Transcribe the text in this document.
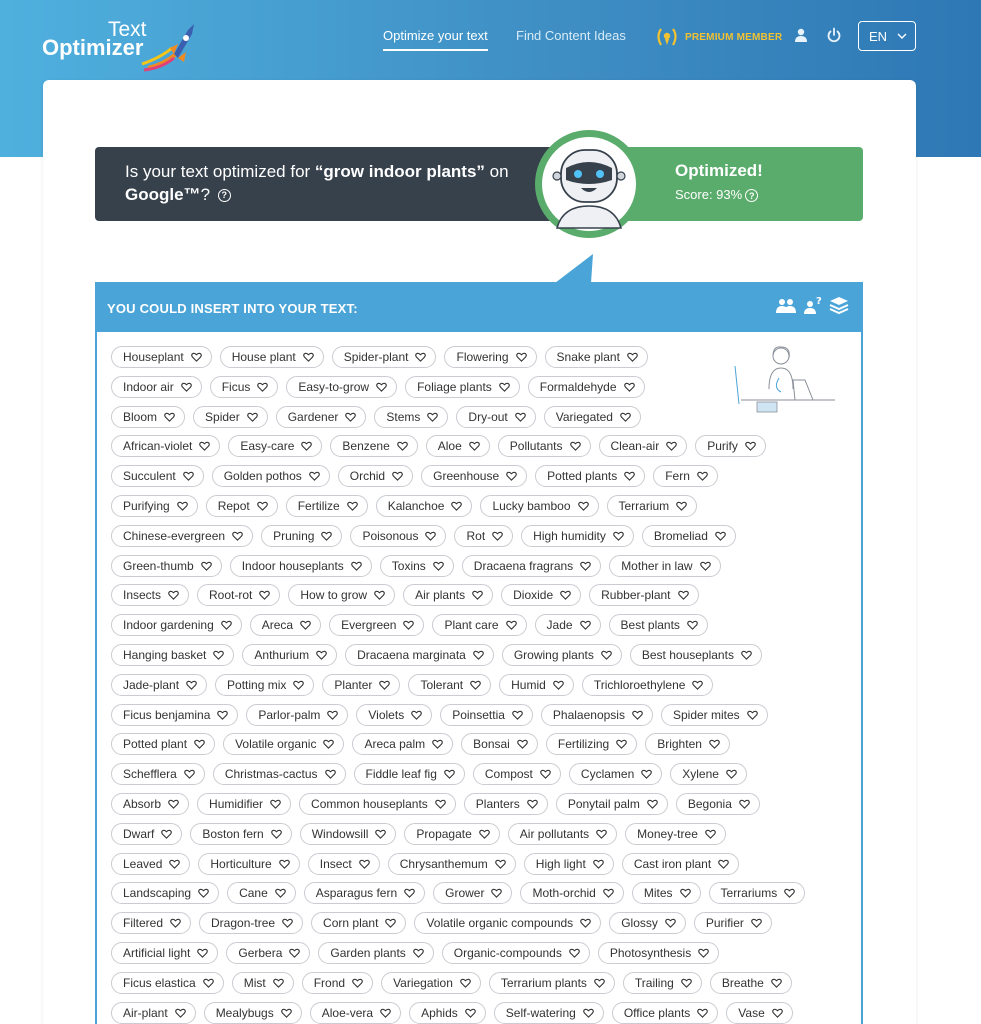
Text
Optimizer	Optimize your text Find Content Ideas	PREMIUM MEMBER	EN
Is your text optimized for “grow indoor plants” on Google™? ?
Optimized!
Score: 93% ?
YOU COULD INSERT INTO YOUR TEXT:	?
Houseplant	House plant	Spider-plant	Flowering	Snake plant
Indoor air	Ficus	Easy-to-grow	Foliage plants	Formaldehyde
Bloom	Spider	Gardener	Stems	Dry-out	Variegated
African-violet	Easy-care	Benzene	Aloe	Pollutants	Clean-air	Purify
Succulent	Golden pothos	Orchid	Greenhouse	Potted plants	Fern
Purifying	Repot	Fertilize	Kalanchoe	Lucky bamboo	Terrarium
Chinese-evergreen	Pruning	Poisonous	Rot	High humidity	Bromeliad
Green-thumb	Indoor houseplants	Toxins	Dracaena fragrans	Mother in law
Insects	Root-rot	How to grow	Air plants	Dioxide	Rubber-plant
Indoor gardening	Areca	Evergreen	Plant care	Jade	Best plants
Hanging basket	Anthurium	Dracaena marginata	Growing plants	Best houseplants
Jade-plant	Potting mix	Planter	Tolerant	Humid	Trichloroethylene
Ficus benjamina	Parlor-palm	Violets	Poinsettia	Phalaenopsis	Spider mites
Potted plant	Volatile organic	Areca palm	Bonsai	Fertilizing	Brighten
Schefflera	Christmas-cactus	Fiddle leaf fig	Compost	Cyclamen	Xylene
Absorb	Humidifier	Common houseplants	Planters	Ponytail palm	Begonia
Dwarf	Boston fern	Windowsill	Propagate	Air pollutants	Money-tree
Leaved	Horticulture	Insect	Chrysanthemum	High light	Cast iron plant
Landscaping	Cane	Asparagus fern	Grower	Moth-orchid	Mites	Terrariums
Filtered	Dragon-tree	Corn plant	Volatile organic compounds	Glossy	Purifier
Artificial light	Gerbera	Garden plants	Organic-compounds	Photosynthesis
Ficus elastica	Mist	Frond	Variegation	Terrarium plants	Trailing	Breathe
Air-plant	Mealybugs	Aloe-vera	Aphids	Self-watering	Office plants	Vase
